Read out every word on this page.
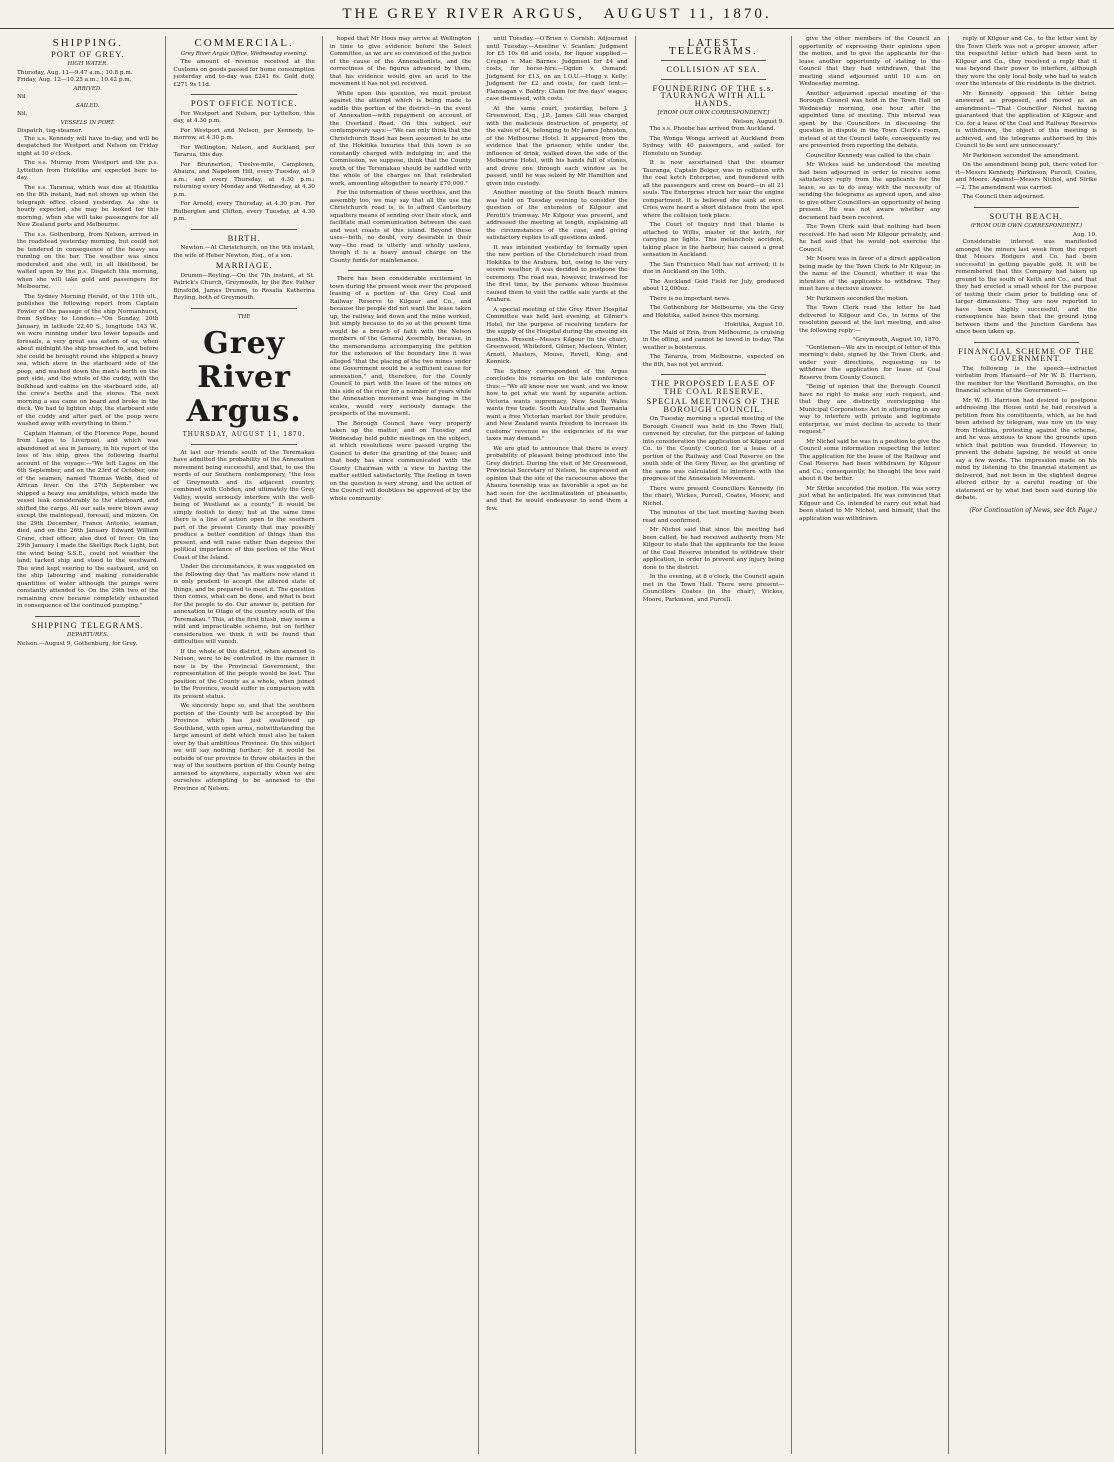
THE GREY RIVER ARGUS, AUGUST 11, 1870.
SHIPPING.
PORT OF GREY.
HIGH WATER.

Thursday, Aug. 11—9.47 a.m.; 10.8 p.m.

Friday, Aug. 12—10.25 a.m.; 10.42 p.m.

ARRIVED.

Nil

SAILED.

Nil.

VESSELS IN PORT.

Dispatch, tug-steamer.

The s.s. Kennedy will have to-day, and will be despatched for Westport and Nelson on Friday night at 10 o'clock.

The s.s. Murray from Westport and the p.s. Lyttelton from Hokitika are expected here to-day.

The s.s. Taranua, which was due at Hokitika on the 8th instant, had not shown up when the telegraph office closed yesterday. As she is hourly expected, she may be looked for this morning, when she will take passengers for all New Zealand ports and Melbourne.

The s.s. Gothenburg, from Nelson, arrived in the roadstead yesterday morning, but could not be tendered in consequence of the heavy sea running on the bar. The weather was since moderated and she will, in all likelihood, be waited upon by the p.s. Dispatch this morning, when she will take gold and passengers for Melbourne.

The Sydney Morning Herald, of the 11th ult., publishes the following report from Captain Fowler of the passage of the ship Normanhurst, from Sydney to London:—"On Sunday, 20th January, in latitude 22.40 S., longitude 143 W., we were running under two lower topsails and foresails, a very great sea astern of us, when about midnight the ship broached to, and before she could be brought round she shipped a heavy sea, which stove in the starboard side of the poop, and washed down the man's berth on the port side, and the whole of the cuddy, with the bulkhead and cabins on the starboard side, all the crew's berths and the stores. The next morning a sea came on board and broke in the deck. We had to lighten ship; the starboard side of the cuddy and after part of the poop were washed away with everything in them."

Captain Hannan, of the Florence Pope, bound from Lagos to Liverpool, and which was abandoned at sea in January, in his report of the loss of his ship, gives the following fearful account of the voyage:—"We left Lagos on the 6th September, and on the 23rd of October, one of the seamen, named Thomas Webb, died of African fever. On the 27th September we shipped a heavy sea amidships, which made the vessel leak considerably to the starboard, and shifted the cargo. All our sails were blown away except the maintopsail, foresail, and mizzen. On the 29th December, France Antonio, seaman, died, and on the 26th January Edward William Crane, chief officer, also died of fever. On the 29th January I made the Skelligs Rock Light, but the wind being S.S.E., could not weather the land; tacked ship and stood to the westward. The wind kept veering to the eastward, and on the ship labouring and making considerable quantities of water although the pumps were constantly attended to. On the 29th two of the remaining crew became completely exhausted in consequence of the continued pumping."

SHIPPING TELEGRAMS.
DEPARTURES.

Nelson.—August 9, Gothenburg, for Grey.

COMMERCIAL.
Grey River Argus Office, Wednesday evening.

The amount of revenue received at the Customs on goods passed for home consumption yesterday and to-day was £241 6s. Gold duty, £271 9s 11d.

POST OFFICE NOTICE.

For Westport and Nelson, per Lyttelton, this day, at 4.30 p.m.

For Westport and Nelson, per Kennedy, to-morrow, at 4.30 p.m.

For Wellington, Nelson, and Auckland, per Tararua, this day.

For Brunnerton, Twelve-mile, Camptown, Ahaura, and Napoleon Hill, every Tuesday, at 9 a.m.; and every Thursday, at 4.30 p.m.; returning every Monday and Wednesday, at 4.30 p.m.

For Arnold, every Thursday, at 4.30 p.m. For Rutherglen and Clifton, every Tuesday, at 4.30 p.m.

BIRTH.

Newton.—At Christchurch, on the 9th instant, the wife of Heber Newton, Esq., of a son.

MARRIAGE.

Drumm—Reyling.—On the 7th instant, at St. Patrick's Church, Greymouth, by the Rev. Father Binsfeild, James Drumm, to Rosalia Katherina Reyling, both of Greymouth.

THE
Grey River Argus.
THURSDAY, AUGUST 11, 1870.

At last our friends south of the Teremakau have admitted the probability of the Annexation movement being successful, and that, to use the words of our Southern contemporary, "the loss of Greymouth and its adjacent country, combined with Cobden, and ultimately the Grey Valley, would seriously interfere with the well-being of Westland as a county," it would be simply foolish to deny; but at the same time there is a line of action open to the southern part of the present County that may possibly produce a better condition of things than the present, and will raise rather than depress the political importance of this portion of the West Coast of the Island.

Under the circumstances, it was suggested on the following day that "as matters now stand it is only prudent to accept the altered state of things, and be prepared to meet it. The question then comes, what can be done, and what is best for the people to do. Our answer is, petition for annexation to Otago of the country south of the Teremakau." This, at the first blush, may seem a wild and impracticable scheme, but on further consideration we think it will be found that difficulties will vanish.

If the whole of this district, when annexed to Nelson, were to be controlled in the manner it now is by the Provincial Government, the representation of the people would be lost. The position of the County as a whole, when joined to the Province, would suffer in comparison with its present status.

We sincerely hope so, and that the southern portion of the County will be accepted by the Province which has just swallowed up Southland, with open arms, notwithstanding the large amount of debt which must also be taken over by that ambitious Province. On this subject we will say nothing further; for it would be outside of our province to throw obstacles in the way of the southern portion of the County being annexed to anywhere, especially when we are ourselves attempting to be annexed to the Province of Nelson.

hoped that Mr Hoos may arrive at Wellington in time to give evidence before the Select Committee, as we are so convinced of the justice of the cause of the Annexationists, and the correctness of the figures advanced by them, that his evidence would give an acid to the movement it has not yet received.

While upon this question, we must protest against the attempt which is being made to saddle this portion of the district—in the event of Annexation—with repayment on account of the Overland Road. On this subject our contemporary says:—"We can only think that the Christchurch Road has been assumed to be one of the Hokitika luxuries that this town is so constantly charged with indulging in; and the Commission, we suppose, think that the County south of the Teremakau should be saddled with the whole of the charges on that celebrated work, amounting altogether to nearly £70,000."

For the information of these worthies, and the assembly too, we may say that all the use the Christchurch road is, is to afford Canterbury squatters means of sending over their stock, and facilitate mail communication between the east and west coasts of this island. Beyond these uses—both, no doubt, very desirable in their way—the road is utterly and wholly useless, though it is a heavy annual charge on the County funds for maintenance.

There has been considerable excitement in town during the present week over the proposed leasing of a portion of the Grey Coal and Railway Reserve to Kilgour and Co., and because the people did not want the lease taken up, the railway laid down and the mine worked, but simply because to do so at the present time would be a breach of faith with the Nelson members of the General Assembly, because, in the memorandums accompanying the petition for the extension of the boundary line it was alleged "that the placing of the two mines under one Government would be a sufficient cause for annexation," and, therefore, for the County Council to part with the lease of the mines on this side of the river for a number of years while the Annexation movement was hanging in the scales, would very seriously damage the prospects of the movement.

The Borough Council have very properly taken up the matter, and on Tuesday and Wednesday held public meetings on the subject, at which resolutions were passed urging the Council to defer the granting of the lease; and that body has since communicated with the County Chairman with a view to having the matter settled satisfactorily. The feeling in town on the question is very strong, and the action of the Council will doubtless be approved of by the whole community.

until Tuesday.—O'Brien v. Cornish: Adjourned until Tuesday.—Anseline v. Scanlan: Judgment for £5 10s 6d and costs, for liquor supplied.—Cregan v. Mac Barnes: Judgment for £4 and costs, for horse-hire.—Ogden v. Osmand: Judgment for £13, on an I.O.U.—Hogg v. Kelly: Judgment for £2 and costs, for cash lent.—Flannagan v. Baldry: Claim for five days' wages; case dismissed, with costs.

At the same court, yesterday, before J. Greenwood, Esq., J.P., James Gill was charged with the malicious destruction of property, of the value of £4, belonging to Mr James Johnston, of the Melbourne Hotel. It appeared from the evidence that the prisoner, while under the influence of drink, walked down the side of the Melbourne Hotel, with his hands full of stones, and drove one through each window as he passed, until he was seized by Mr Hamilton and given into custody.

Another meeting of the South Beach miners was held on Tuesday evening to consider the question of the extension of Kilgour and Perotti's tramway. Mr Kilgour was present, and addressed the meeting at length, explaining all the circumstances of the case, and giving satisfactory replies to all questions asked.

It was intended yesterday to formally open the new portion of the Christchurch road from Hokitika to the Arahura, but, owing to the very severe weather, it was decided to postpone the ceremony. The road was, however, traversed for the first time, by the persons whose business caused them to visit the cattle sale yards at the Arahura.

A special meeting of the Grey River Hospital Committee was held last evening, at Gilmer's Hotel, for the purpose of receiving tenders for the supply of the Hospital during the ensuing six months. Present—Messrs Kilgour (in the chair), Greenwood, Whiteford, Gilmer, Macleen, Winter, Arnott, Masters, Mouse, Revell, King, and Kennick.

The Sydney correspondent of the Argus concludes his remarks on the late conference thus:—"We all know now we want, and we know how to get what we want by separate action. Victoria wants supremacy, New South Wales wants free trade. South Australia and Tasmania want a free Victorian market for their produce, and New Zealand wants freedom to increase its customs' revenue as the exigencies of its war taxes may demand."

We are glad to announce that there is every probability of pleasant being produced into the Grey district. During the visit of Mr Greenwood, Provincial Secretary of Nelson, he expressed an opinion that the site of the racecourse above the Ahaura township was as favorable a spot as he had seen for the acclimatization of pheasants, and that he would endeavour to send them a few.

LATEST TELEGRAMS.
COLLISION AT SEA.
FOUNDERING OF THE s.s. TAURANGA WITH ALL HANDS.
[FROM OUR OWN CORRESPONDENT.]

Nelson, August 9.

The s.s. Phoebe has arrived from Auckland.

The Wonga Wonga arrived at Auckland from Sydney with 40 passengers, and sailed for Honolulu on Sunday.

It is now ascertained that the steamer Tauranga, Captain Bolger, was in collision with the coal ketch Enterprise, and foundered with all the passengers and crew on board—in all 21 souls. The Enterprise struck her near the engine compartment. It is believed she sank at once. Cries were heard a short distance from the spot where the collision took place.

The Court of Inquiry find that blame is attached to Willis, master of the ketch, for carrying no lights. This melancholy accident, taking place in the harbour, has caused a great sensation in Auckland.

The San Francisco Mail has not arrived; it is due in Auckland on the 10th.

The Auckland Gold Field for July, produced about 12,000oz.

There is no important news.

The Gothenburg for Melbourne, via the Grey and Hokitika, sailed hence this morning.

Hokitika, August 10.

The Maid of Erin, from Melbourne, is cruising in the offing, and cannot be towed in to-day. The weather is boisterous.

The Tararua, from Melbourne, expected on the 8th, has not yet arrived.

THE PROPOSED LEASE OF THE COAL RESERVE.
SPECIAL MEETINGS OF THE BOROUGH COUNCIL.

On Tuesday morning a special meeting of the Borough Council was held in the Town Hall, convened by circular, for the purpose of taking into consideration the application of Kilgour and Co. to the County Council for a lease of a portion of the Railway and Coal Reserve on the south side of the Grey River, as the granting of the same was calculated to interfere with the progress of the Annexation Movement.

There were present Councillors Kennedy (in the chair), Wickes, Purcell, Coates, Moore, and Nichol.

The minutes of the last meeting having been read and confirmed,

Mr Nichol said that since the meeting had been called, he had received authority from Mr Kilgour to state that the applicants for the lease of the Coal Reserve intended to withdraw their application, in order to prevent any injury being done to the district.

In the evening, at 8 o'clock, the Council again met in the Town Hall. There were present—Councillors Coates (in the chair), Wickes, Moore, Parkinson, and Purcell.

give the other members of the Council an opportunity of expressing their opinions upon the motion, and to give the applicants for the lease another opportunity of stating to the Council that they had withdrawn, that the meeting stand adjourned until 10 a.m. on Wednesday morning.

Another adjourned special meeting of the Borough Council was held in the Town Hall on Wednesday morning, one hour after the appointed time of meeting. This interval was spent by the Councillors in discussing the question in dispute in the Town Clerk's room, instead of at the Council table, consequently we are prevented from reporting the debate.

Councillor Kennedy was called to the chair.

Mr Wickes said he understood the meeting had been adjourned in order to receive some satisfactory reply from the applicants for the lease, so as to do away with the necessity of sending the telegrams as agreed upon, and also to give other Councillors an opportunity of being present. He was not aware whether any document had been received.

The Town Clerk said that nothing had been received. He had seen Mr Kilgour privately, and he had said that he would not exercise the Council.

Mr Moore was in favor of a direct application being made by the Town Clerk to Mr Kilgour, in the name of the Council, whether it was the intention of the applicants to withdraw. They must have a decisive answer.

Mr Parkinson seconded the motion.

The Town Clerk read the letter he had delivered to Kilgour and Co., in terms of the resolution passed at the last meeting, and also the following reply:—

"Greymouth, August 10, 1870.

"Gentlemen—We are in receipt of letter of this morning's date, signed by the Town Clerk, and under your directions, requesting us to withdraw the application for lease of Coal Reserve from County Council.

"Being of opinion that the Borough Council have no right to make any such request, and that they are distinctly overstepping the Municipal Corporations Act in attempting in any way to interfere with private and legitimate enterprise, we must decline to accede to their request."

Mr Nichol said he was in a position to give the Council some information respecting the letter. The application for the lease of the Railway and Coal Reserve had been withdrawn by Kilgour and Co.; consequently, he thought the less said about it the better.

Mr Strike seconded the motion. He was sorry just what he anticipated. He was convinced that Kilgour and Co. intended to carry out what had been stated to Mr Nichol, and himself, that the application was withdrawn.

reply of Kilgour and Co., to the letter sent by the Town Clerk was not a proper answer, after the respectful letter which had been sent to Kilgour and Co., they received a reply that it was beyond their power to interfere, although they were the only local body who had to watch over the interests of the residents in the district.

Mr Kennedy opposed the letter being answered as proposed, and moved as an amendment—"That Councillor Nichol having guaranteed that the application of Kilgour and Co. for a lease of the Coal and Railway Reserves is withdrawn, the object of this meeting is achieved, and the telegrams authorised by this Council to be sent are unnecessary."

Mr Parkinson seconded the amendment.

On the amendment being put, there voted for it—Messrs Kennedy, Parkinson, Purcell, Coates, and Moore. Against—Messrs Nichol, and Strike—2. The amendment was carried.

The Council then adjourned.

SOUTH BEACH.
(FROM OUR OWN CORRESPONDENT.)

Aug. 10.

Considerable interest was manifested amongst the miners last week from the report that Messrs Rodgers and Co. had been successful in getting payable gold. It will be remembered that this Company had taken up ground to the south of Keith and Co., and that they had erected a small wheel for the purpose of testing their claim prior to building one of larger dimensions. They are now reported to have been highly successful, and the consequence has been that the ground lying between them and the Junction Gardens has since been taken up.

FINANCIAL SCHEME OF THE GOVERNMENT.

The following is the speech—extracted verbatim from Hansard—of Mr W. B. Harrison, the member for the Westland Boroughs, on the financial scheme of the Government:—

Mr W. H. Harrison had desired to postpone addressing the House until he had received a petition from his constituents, which, as he had been advised by telegram, was now on its way from Hokitika, protesting against the scheme, and he was anxious to know the grounds upon which that petition was founded. However, to prevent the debate lapsing, he would at once say a few words. The impression made on his mind by listening to the financial statement as delivered, had not been in the slightest degree altered either by a careful reading of the statement or by what had been said during the debate.

(For Continuation of News, see 4th Page.)
